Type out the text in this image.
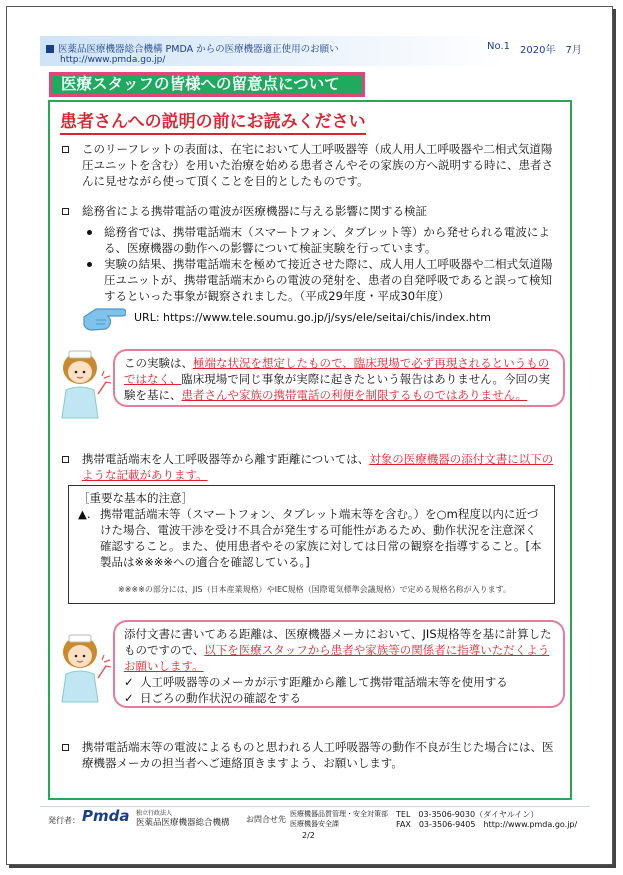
医薬品医療機器総合機構 PMDA からの医療機器適正使用のお願い
http://www.pmda.go.jp/
No.1 2020年　7月
医療スタッフの皆様への留意点について
患者さんへの説明の前にお読みください
このリーフレットの表面は、在宅において人工呼吸器等（成人用人工呼吸器や二相式気道陽圧ユニットを含む）を用いた治療を始める患者さんやその家族の方へ説明する時に、患者さんに見せながら使って頂くことを目的としたものです。
総務省による携帯電話の電波が医療機器に与える影響に関する検証
総務省では、携帯電話端末（スマートフォン、タブレット等）から発せられる電波による、医療機器の動作への影響について検証実験を行っています。
実験の結果、携帯電話端末を極めて接近させた際に、成人用人工呼吸器や二相式気道陽圧ユニットが、携帯電話端末からの電波の発射を、患者の自発呼吸であると誤って検知するといった事象が観察されました。（平成29年度・平成30年度）
URL: https://www.tele.soumu.go.jp/j/sys/ele/seitai/chis/index.htm
この実験は、極端な状況を想定したもので、臨床現場で必ず再現されるというものではなく、臨床現場で同じ事象が実際に起きたという報告はありません。今回の実験を基に、患者さんや家族の携帯電話の利便を制限するものではありません。
携帯電話端末を人工呼吸器等から離す距離については、対象の医療機器の添付文書に以下のような記載があります。
［重要な基本的注意］
▲. 携帯電話端末等（スマートフォン、タブレット端末等を含む。）を○m程度以内に近づけた場合、電波干渉を受け不具合が発生する可能性があるため、動作状況を注意深く確認すること。また、使用患者やその家族に対しては日常の観察を指導すること。[本製品は※※※※への適合を確認している。]
※※※※の部分には、JIS（日本産業規格）やIEC規格（国際電気標準会議規格）で定める規格名称が入ります。
添付文書に書いてある距離は、医療機器メーカにおいて、JIS規格等を基に計算したものですので、以下を医療スタッフから患者や家族等の関係者に指導いただくようお願いします。
✓ 人工呼吸器等のメーカが示す距離から離して携帯電話端末等を使用する
✓ 日ごろの動作状況の確認をする
携帯電話端末等の電波によるものと思われる人工呼吸器等の動作不良が生じた場合には、医療機器メーカの担当者へご連絡頂きますよう、お願いします。
発行者： Pmda 独立行政法人
医薬品医療機器総合機構 お問合せ先
医療機器品質管理・安全対策部
医療機器安全課
TEL　03-3506-9030（ダイヤルイン）
FAX　03-3506-9405　http://www.pmda.go.jp/
2/2
